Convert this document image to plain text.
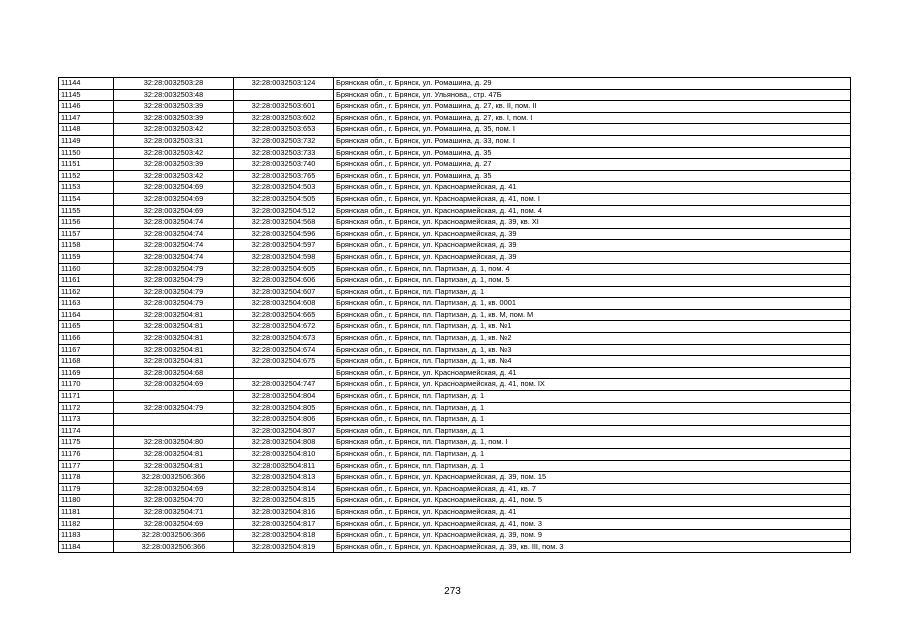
11144	32:28:0032503:28	32:28:0032503:124	Брянская обл., г. Брянск, ул. Ромашина, д. 29
11145	32:28:0032503:48		Брянская обл., г. Брянск, ул. Ульянова,, стр. 47Б
11146	32:28:0032503:39	32:28:0032503:601	Брянская обл., г. Брянск, ул. Ромашина, д. 27, кв. II, пом. II
11147	32:28:0032503:39	32:28:0032503:602	Брянская обл., г. Брянск, ул. Ромашина, д. 27, кв. I, пом. I
11148	32:28:0032503:42	32:28:0032503:653	Брянская обл., г. Брянск, ул. Ромашина, д. 35, пом. I
11149	32:28:0032503:31	32:28:0032503:732	Брянская обл., г. Брянск, ул. Ромашина, д. 33, пом. I
11150	32:28:0032503:42	32:28:0032503:733	Брянская обл., г. Брянск, ул. Ромашина, д. 35
11151	32:28:0032503:39	32:28:0032503:740	Брянская обл., г. Брянск, ул. Ромашина, д. 27
11152	32:28:0032503:42	32:28:0032503:765	Брянская обл., г. Брянск, ул. Ромашина, д. 35
11153	32:28:0032504:69	32:28:0032504:503	Брянская обл., г. Брянск, ул. Красноармейская, д. 41
11154	32:28:0032504:69	32:28:0032504:505	Брянская обл., г. Брянск, ул. Красноармейская, д. 41, пом. I
11155	32:28:0032504:69	32:28:0032504:512	Брянская обл., г. Брянск, ул. Красноармейская, д. 41, пом. 4
11156	32:28:0032504:74	32:28:0032504:568	Брянская обл., г. Брянск, ул. Красноармейская, д. 39, кв. XI
11157	32:28:0032504:74	32:28:0032504:596	Брянская обл., г. Брянск, ул. Красноармейская, д. 39
11158	32:28:0032504:74	32:28:0032504:597	Брянская обл., г. Брянск, ул. Красноармейская, д. 39
11159	32:28:0032504:74	32:28:0032504:598	Брянская обл., г. Брянск, ул. Красноармейская, д. 39
11160	32:28:0032504:79	32:28:0032504:605	Брянская обл., г. Брянск, пл. Партизан, д. 1, пом. 4
11161	32:28:0032504:79	32:28:0032504:606	Брянская обл., г. Брянск, пл. Партизан, д. 1, пом. 5
11162	32:28:0032504:79	32:28:0032504:607	Брянская обл., г. Брянск, пл. Партизан, д. 1
11163	32:28:0032504:79	32:28:0032504:608	Брянская обл., г. Брянск, пл. Партизан, д. 1, кв. 0001
11164	32:28:0032504:81	32:28:0032504:665	Брянская обл., г. Брянск, пл. Партизан, д. 1, кв. М, пом. М
11165	32:28:0032504:81	32:28:0032504:672	Брянская обл., г. Брянск, пл. Партизан, д. 1, кв. №1
11166	32:28:0032504:81	32:28:0032504:673	Брянская обл., г. Брянск, пл. Партизан, д. 1, кв. №2
11167	32:28:0032504:81	32:28:0032504:674	Брянская обл., г. Брянск, пл. Партизан, д. 1, кв. №3
11168	32:28:0032504:81	32:28:0032504:675	Брянская обл., г. Брянск, пл. Партизан, д. 1, кв. №4
11169	32:28:0032504:68		Брянская обл., г. Брянск, ул. Красноармейская, д. 41
11170	32:28:0032504:69	32:28:0032504:747	Брянская обл., г. Брянск, ул. Красноармейская, д. 41, пом. IX
11171		32:28:0032504:804	Брянская обл., г. Брянск, пл. Партизан, д. 1
11172	32:28:0032504:79	32:28:0032504:805	Брянская обл., г. Брянск, пл. Партизан, д. 1
11173		32:28:0032504:806	Брянская обл., г. Брянск, пл. Партизан, д. 1
11174		32:28:0032504:807	Брянская обл., г. Брянск, пл. Партизан, д. 1
11175	32:28:0032504:80	32:28:0032504:808	Брянская обл., г. Брянск, пл. Партизан, д. 1, пом. I
11176	32:28:0032504:81	32:28:0032504:810	Брянская обл., г. Брянск, пл. Партизан, д. 1
11177	32:28:0032504:81	32:28:0032504:811	Брянская обл., г. Брянск, пл. Партизан, д. 1
11178	32:28:0032506:366	32:28:0032504:813	Брянская обл., г. Брянск, ул. Красноармейская, д. 39, пом. 15
11179	32:28:0032504:69	32:28:0032504:814	Брянская обл., г. Брянск, ул. Красноармейская, д. 41, кв. 7
11180	32:28:0032504:70	32:28:0032504:815	Брянская обл., г. Брянск, ул. Красноармейская, д. 41, пом. 5
11181	32:28:0032504:71	32:28:0032504:816	Брянская обл., г. Брянск, ул. Красноармейская, д. 41
11182	32:28:0032504:69	32:28:0032504:817	Брянская обл., г. Брянск, ул. Красноармейская, д. 41, пом. 3
11183	32:28:0032506:366	32:28:0032504:818	Брянская обл., г. Брянск, ул. Красноармейская, д. 39, пом. 9
11184	32:28:0032506:366	32:28:0032504:819	Брянская обл., г. Брянск, ул. Красноармейская, д. 39, кв. III, пом. 3
273
